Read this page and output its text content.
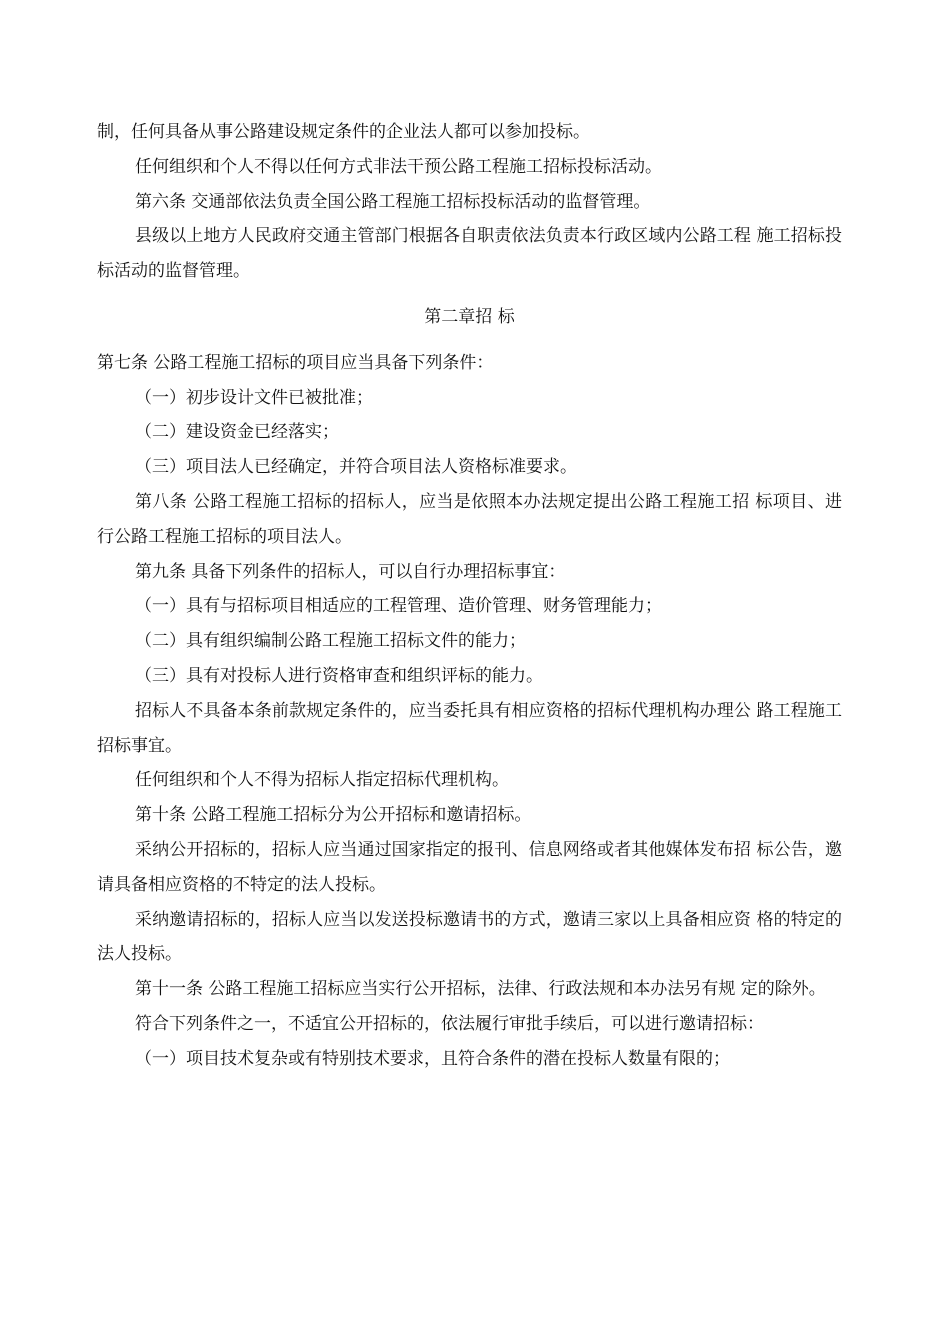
制，任何具备从事公路建设规定条件的企业法人都可以参加投标。

任何组织和个人不得以任何方式非法干预公路工程施工招标投标活动。

第六条 交通部依法负责全国公路工程施工招标投标活动的监督管理。

县级以上地方人民政府交通主管部门根据各自职责依法负责本行政区域内公路工程 施工招标投标活动的监督管理。

第二章招 标

第七条 公路工程施工招标的项目应当具备下列条件：

（一）初步设计文件已被批准；

（二）建设资金已经落实；

（三）项目法人已经确定，并符合项目法人资格标准要求。

第八条 公路工程施工招标的招标人，应当是依照本办法规定提出公路工程施工招 标项目、进行公路工程施工招标的项目法人。

第九条 具备下列条件的招标人，可以自行办理招标事宜：

（一）具有与招标项目相适应的工程管理、造价管理、财务管理能力；

（二）具有组织编制公路工程施工招标文件的能力；

（三）具有对投标人进行资格审查和组织评标的能力。

招标人不具备本条前款规定条件的，应当委托具有相应资格的招标代理机构办理公 路工程施工招标事宜。

任何组织和个人不得为招标人指定招标代理机构。

第十条 公路工程施工招标分为公开招标和邀请招标。

采纳公开招标的，招标人应当通过国家指定的报刊、信息网络或者其他媒体发布招 标公告，邀请具备相应资格的不特定的法人投标。

采纳邀请招标的，招标人应当以发送投标邀请书的方式，邀请三家以上具备相应资 格的特定的法人投标。

第十一条 公路工程施工招标应当实行公开招标，法律、行政法规和本办法另有规 定的除外。

符合下列条件之一，不适宜公开招标的，依法履行审批手续后，可以进行邀请招标：

（一）项目技术复杂或有特别技术要求，且符合条件的潜在投标人数量有限的；
